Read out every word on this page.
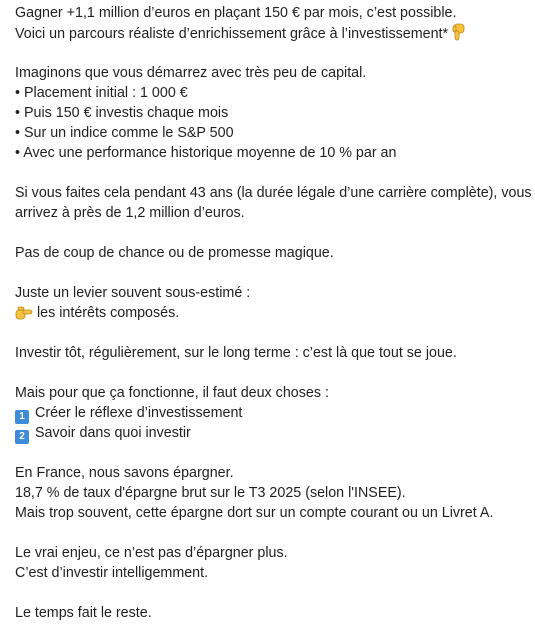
Gagner +1,1 million d’euros en plaçant 150 € par mois, c’est possible.
Voici un parcours réaliste d’enrichissement grâce à l’investissement*
Imaginons que vous démarrez avec très peu de capital.
• Placement initial : 1 000 €
• Puis 150 € investis chaque mois
• Sur un indice comme le S&P 500
• Avec une performance historique moyenne de 10 % par an
Si vous faites cela pendant 43 ans (la durée légale d’une carrière complète), vous
arrivez à près de 1,2 million d’euros.
Pas de coup de chance ou de promesse magique.
Juste un levier souvent sous-estimé :
les intérêts composés.
Investir tôt, régulièrement, sur le long terme : c’est là que tout se joue.
Mais pour que ça fonctionne, il faut deux choses :
1 Créer le réflexe d’investissement
2 Savoir dans quoi investir
En France, nous savons épargner.
18,7 % de taux d'épargne brut sur le T3 2025 (selon l'INSEE).
Mais trop souvent, cette épargne dort sur un compte courant ou un Livret A.
Le vrai enjeu, ce n’est pas d’épargner plus.
C’est d’investir intelligemment.
Le temps fait le reste.
